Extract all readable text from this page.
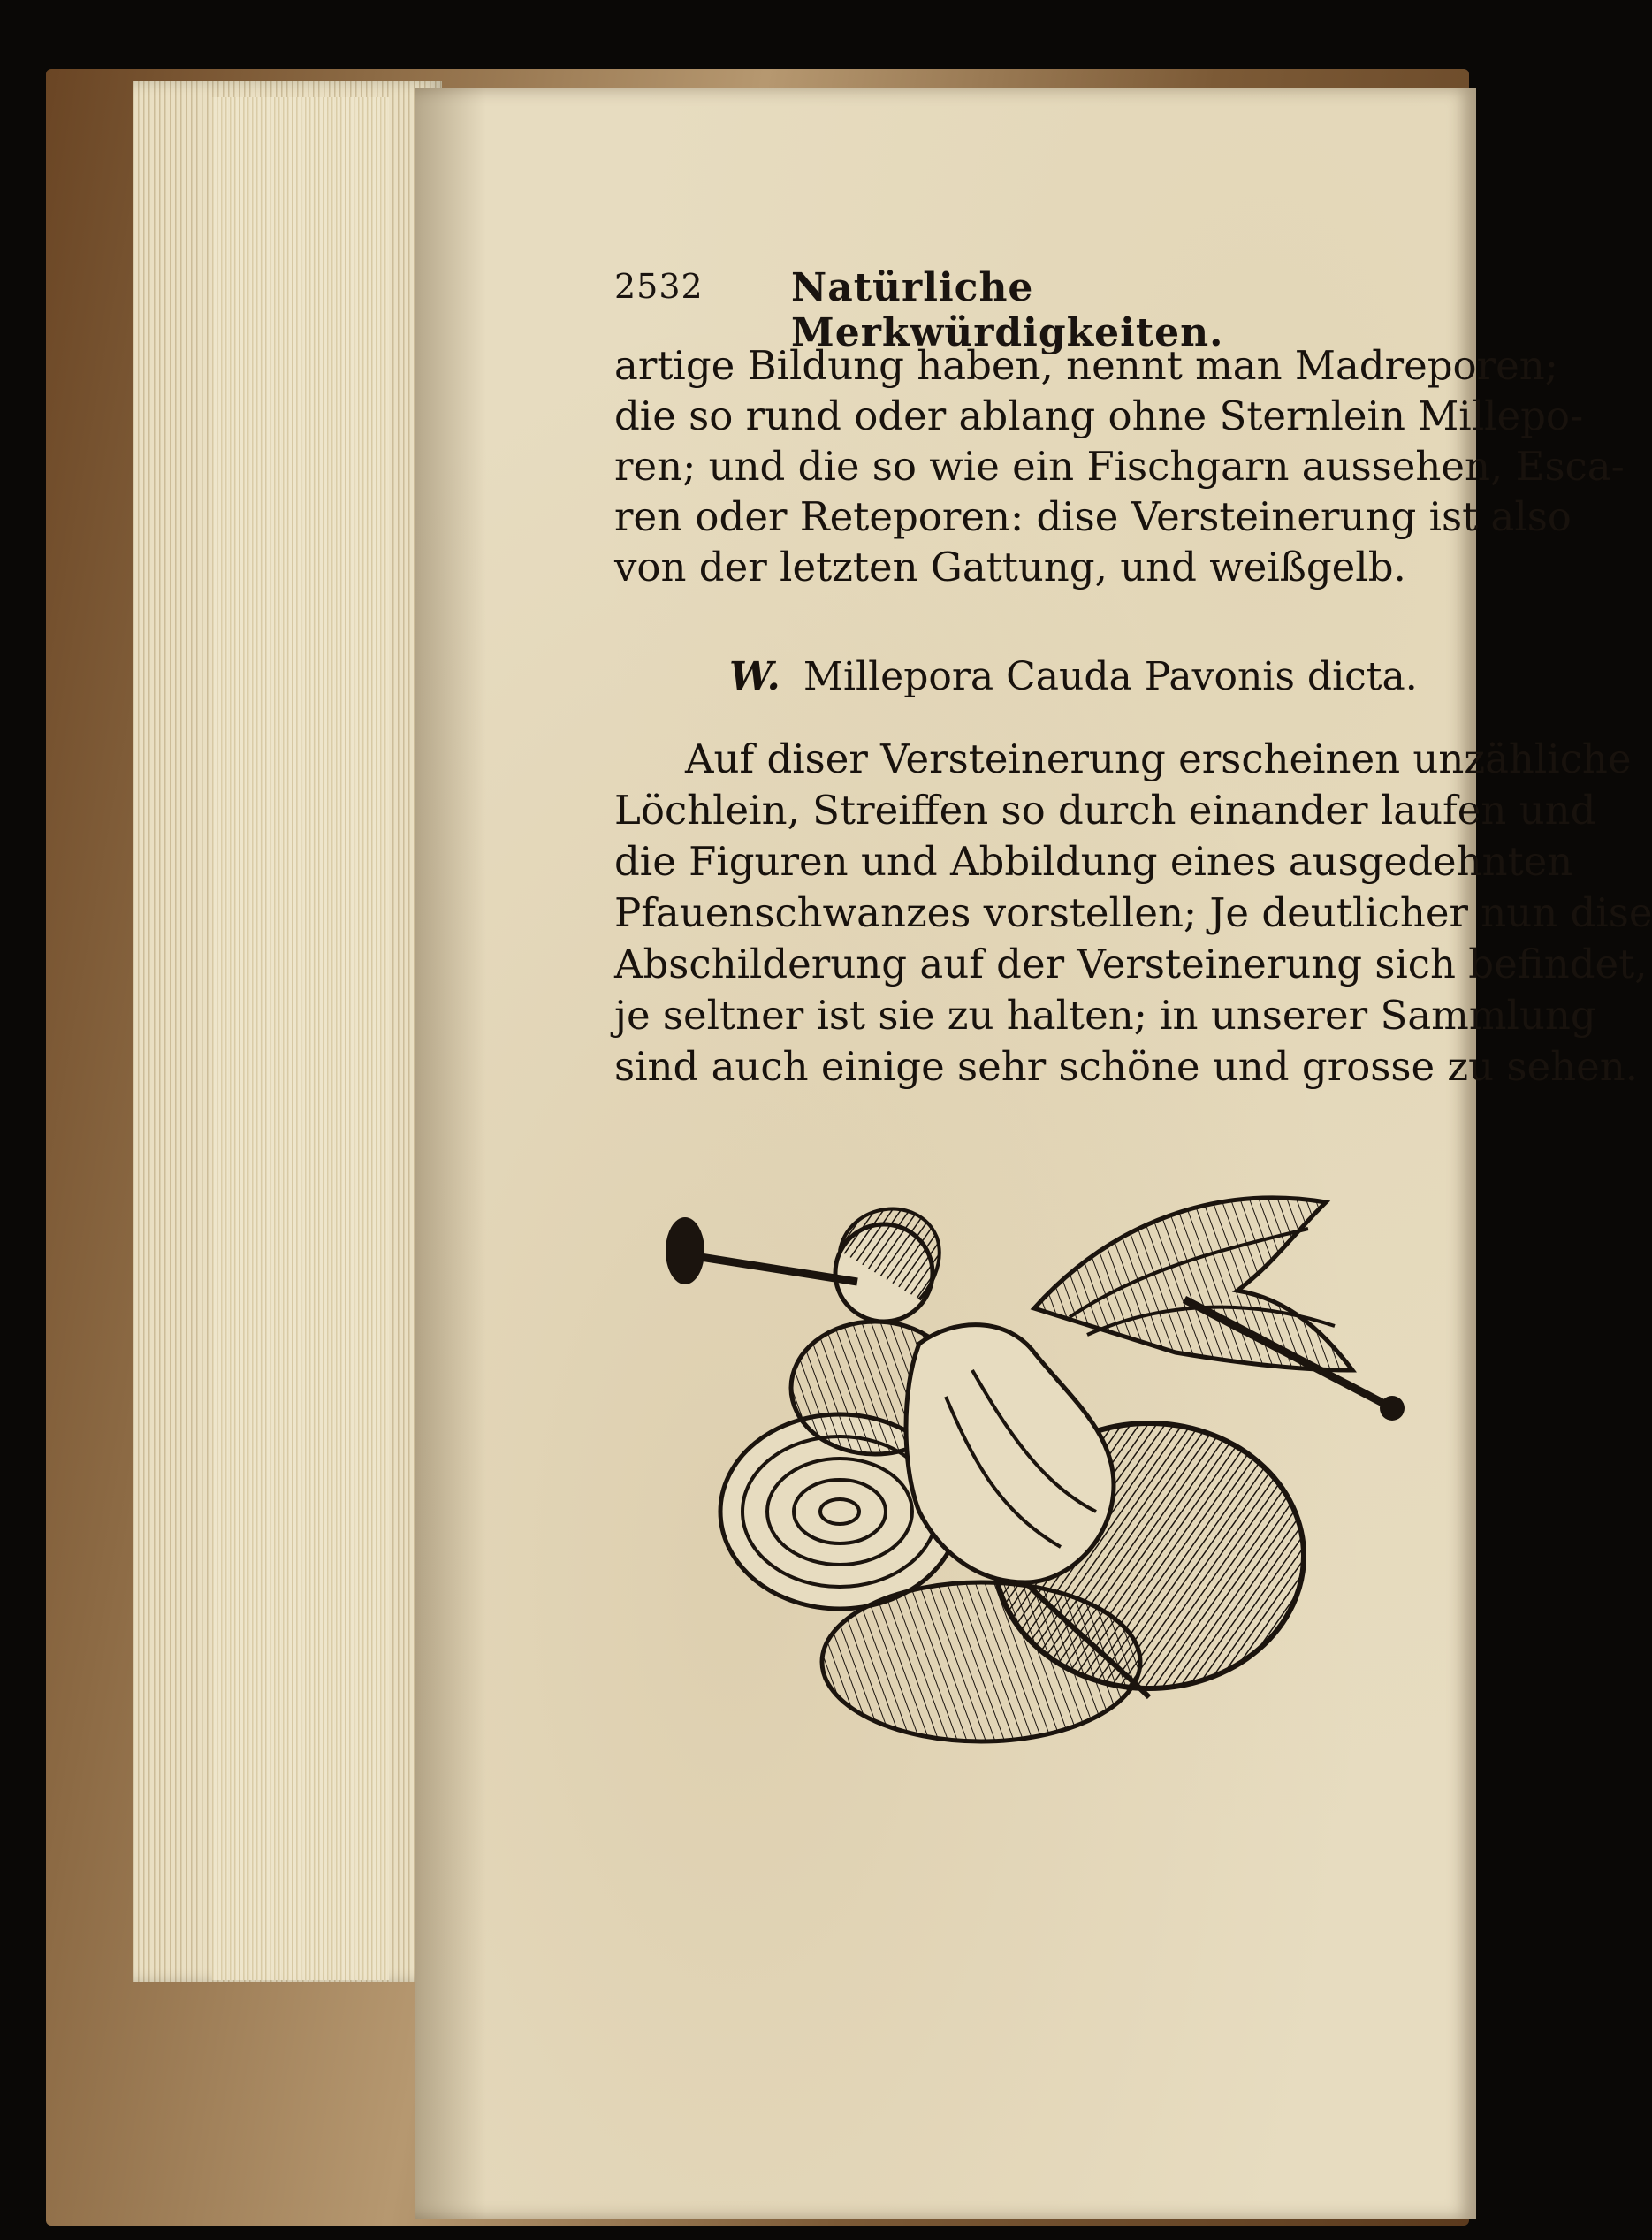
2532 Natürliche Merkwürdigkeiten.
artige Bildung haben, nennt man Madreporen;
die so rund oder ablang ohne Sternlein Millepo-
ren; und die so wie ein Fischgarn aussehen, Esca-
ren oder Reteporen: dise Versteinerung ist also
von der letzten Gattung, und weißgelb.
W. Millepora Cauda Pavonis dicta.
Auf diser Versteinerung erscheinen unzähliche
Löchlein, Streiffen so durch einander laufen und
die Figuren und Abbildung eines ausgedehnten
Pfauenschwanzes vorstellen; Je deutlicher nun dise
Abschilderung auf der Versteinerung sich befindet,
je seltner ist sie zu halten; in unserer Sammlung
sind auch einige sehr schöne und grosse zu sehen.
